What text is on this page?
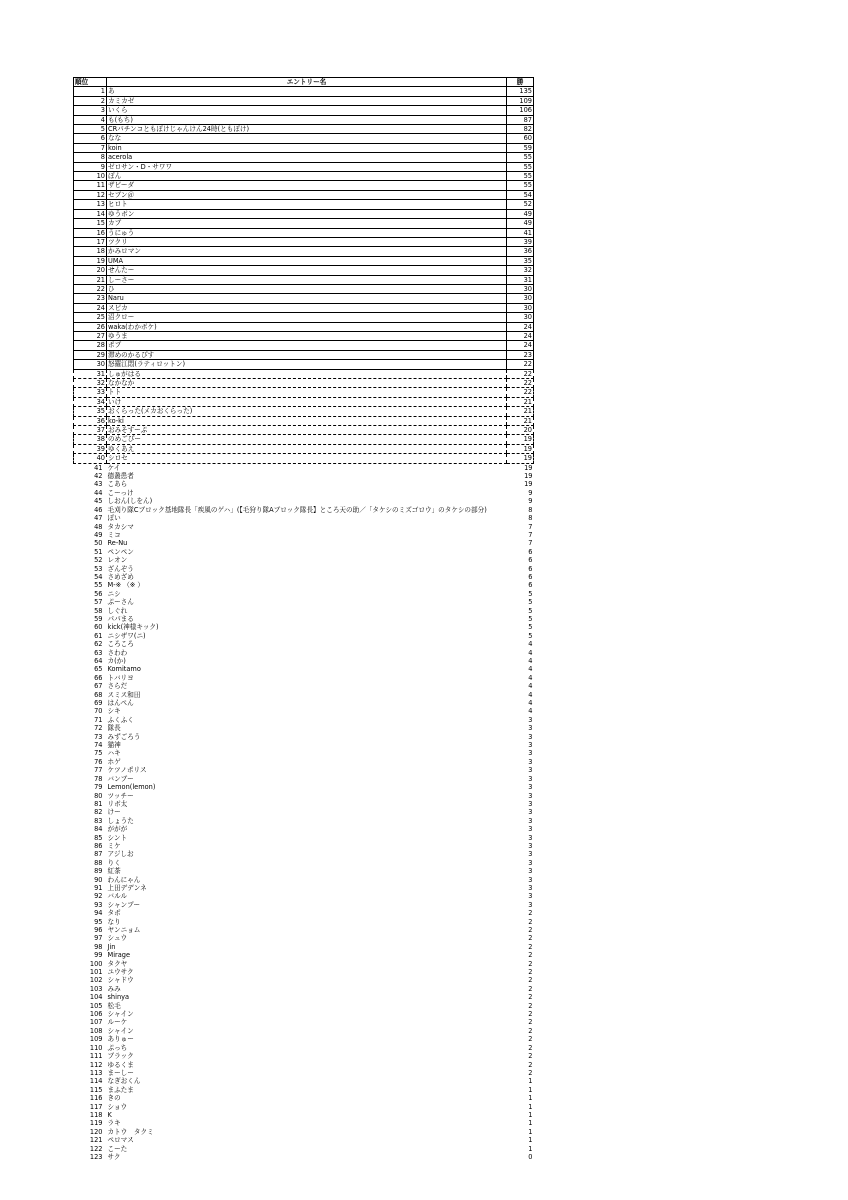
順位	エントリー名	勝
1	あ	135
2	カミカゼ	109
3	いくら	106
4	も(もち)	87
5	CRパチンコともぽけじゃんけん24時(ともぽけ)	82
6	なな	60
7	koin	59
8	acerola	55
9	ゼロサン・D・サワワ	55
10	ぽん	55
11	ザビーダ	55
12	セブン＠	54
13	ヒロト	52
14	ゆうボン	49
15	カブ	49
16	うにゅう	41
17	ツクリ	39
18	かみロマン	36
19	UMA	35
20	せんたー	32
21	しーさー	31
22	ひ	30
23	Naru	30
24	スピカ	30
25	沼クロー	30
26	waka(わかボケ)	24
27	ゆうま	24
28	ポプ	24
29	滞めのかるぴす	23
30	怒羅江悶(ラティロットン)	22
31	しゅがはる	22
32	なかなか	22
33	トト	22
34	いけ	21
35	おくらった(メカおくらった)	21
36	ko-ki	21
37	おみそすーぷ	20
38	のめごぴー	19
39	ゆくあえ	19
40	シロセ	19
41	ケイ	19
42	德叢患者	19
43	こあら	19
44	こーっけ	9
45	しおん(しをん)	9
46	毛刈り隊Cブロック基地隊長「疾風のゲハ」(【毛狩り隊Aブロック隊長】ところ天の助／「タケシのミズゴロウ」のタケシの部分)	8
47	ぽい	8
48	タカシマ	7
49	ミコ	7
50	Re-Nu	7
51	ペンペン	6
52	レオン	6
53	ざんぞう	6
54	さめざめ	6
55	M-※ （※ ）	6
56	ニシ	5
57	ぷーさん	5
58	しぐれ	5
59	パパまる	5
60	kick(神様キック)	5
61	ニシザワ(ニ)	5
62	ころころ	4
63	さわわ	4
64	カ(か)	4
65	Komitamo	4
66	トバリヨ	4
67	さらだ	4
68	スミス和田	4
69	はんぺん	4
70	シキ	4
71	ふくふく	3
72	隊長	3
73	みずごろう	3
74	猫神	3
75	ハキ	3
76	ホゲ	3
77	ケツノポリス	3
78	バンブー	3
79	Lemon(lemon)	3
80	ツッチー	3
81	リボ太	3
82	けー	3
83	しょうた	3
84	ががが	3
85	シント	3
86	ミケ	3
87	アジしお	3
88	りく	3
89	紅茶	3
90	わんにゃん	3
91	上田デデンネ	3
92	バルル	3
93	シャンプー	3
94	タポ	2
95	なり	2
96	ヤンニョム	2
97	シュウ	2
98	Jin	2
99	Mirage	2
100	タクヤ	2
101	ユウサク	2
102	シャドウ	2
103	みみ	2
104	shinya	2
105	松毛	2
106	シャイン	2
107	ルーケ	2
108	シャイン	2
109	ありゅー	2
110	ぷっち	2
111	ブラック	2
112	ゆるくま	2
113	まーしー	2
114	なぎおくん	1
115	まふたま	1
116	きの	1
117	ショウ	1
118	K	1
119	ラキ	1
120	カトウ　タクミ	1
121	ペロマス	1
122	こーた	1
123	サク	0
